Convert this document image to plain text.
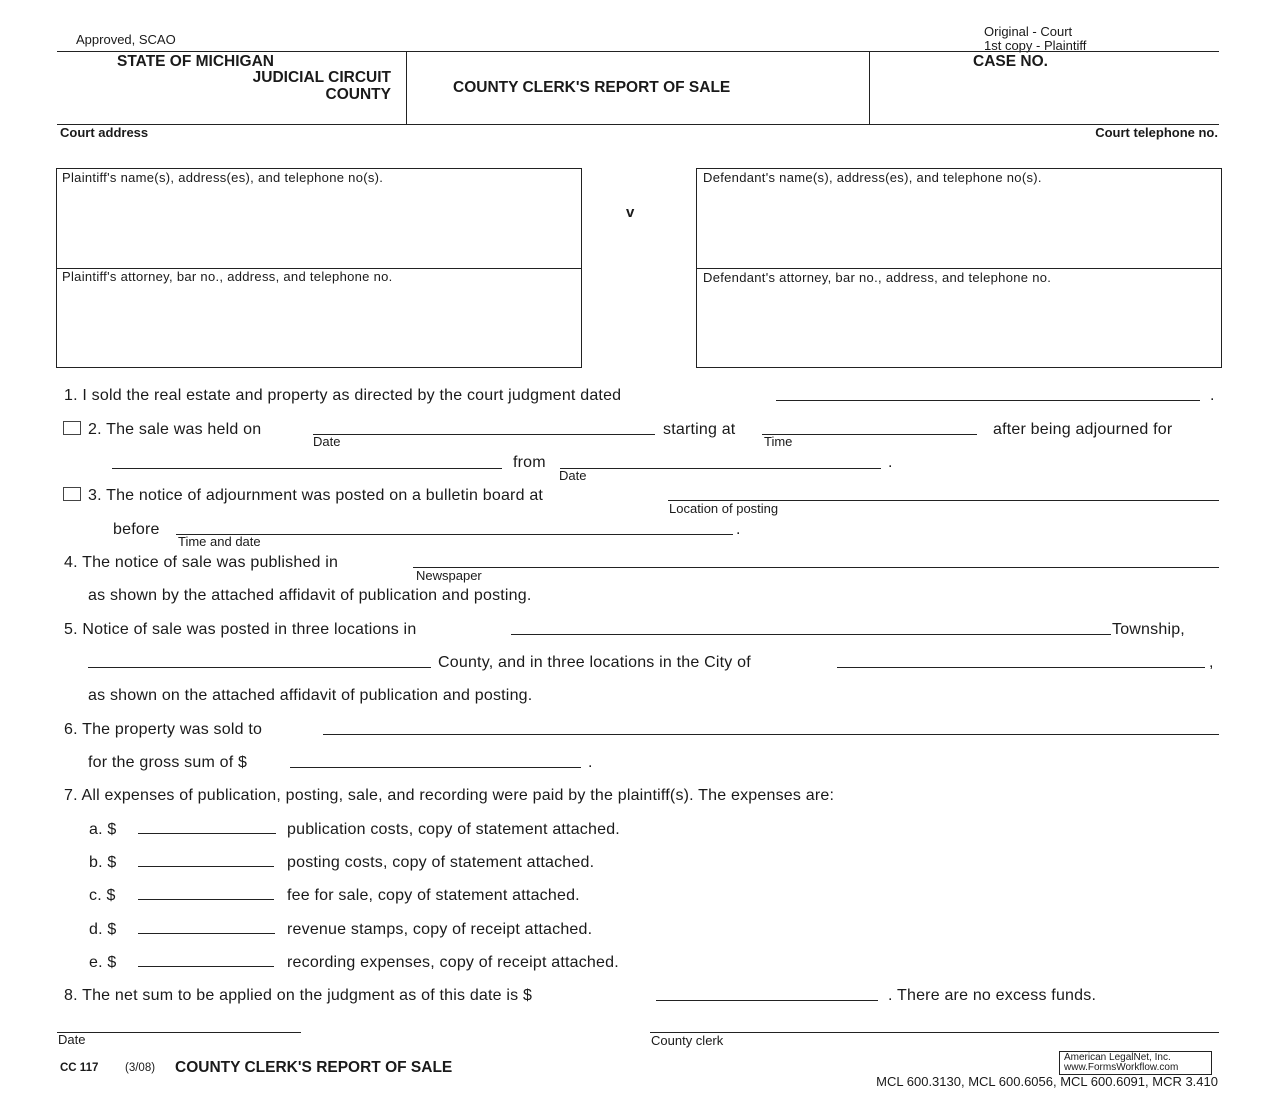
Approved, SCAO
Original - Court
1st copy - Plaintiff
STATE OF MICHIGAN
JUDICIAL CIRCUIT
COUNTY	COUNTY CLERK'S REPORT OF SALE
CASE NO.
Court address	Court telephone no.
Plaintiff's name(s), address(es), and telephone no(s).
Plaintiff's attorney, bar no., address, and telephone no.
v
Defendant's name(s), address(es), and telephone no(s).
Defendant's attorney, bar no., address, and telephone no.
1. I sold the real estate and property as directed by the court judgment dated	.
2. The sale was held on
Date
starting at
Time
after being adjourned for
from
Date
.
3. The notice of adjournment was posted on a bulletin board at
Location of posting
before
Time and date
.
4. The notice of sale was published in
Newspaper
as shown by the attached affidavit of publication and posting.
5. Notice of sale was posted in three locations in	Township,
County, and in three locations in the City of	,
as shown on the attached affidavit of publication and posting.
6. The property was sold to
for the gross sum of $	.
7. All expenses of publication, posting, sale, and recording were paid by the plaintiff(s). The expenses are:
a. $	publication costs, copy of statement attached.
b. $	posting costs, copy of statement attached.
c. $	fee for sale, copy of statement attached.
d. $	revenue stamps, copy of receipt attached.
e. $	recording expenses, copy of receipt attached.
8. The net sum to be applied on the judgment as of this date is $	. There are no excess funds.
Date	County clerk
CC 117 (3/08) COUNTY CLERK'S REPORT OF SALE
American LegalNet, Inc.
www.FormsWorkflow.com
MCL 600.3130, MCL 600.6056, MCL 600.6091, MCR 3.410
